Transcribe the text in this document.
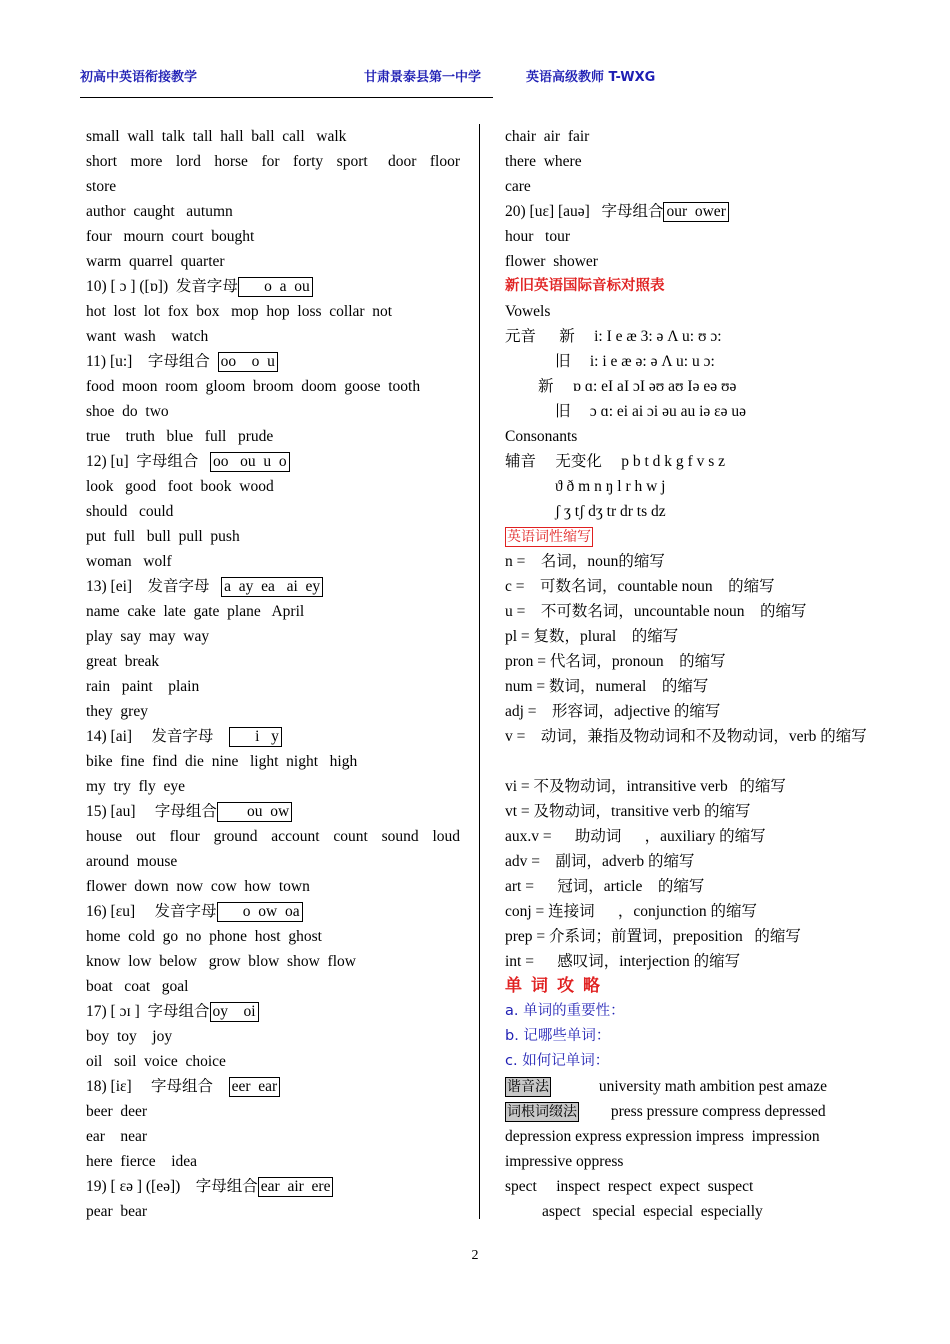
初高中英语衔接教学	甘肃景泰县第一中学	英语高级教师 T-WXG
small  wall  talk  tall  hall  ball  call   walk
short  more  lord  horse  for  forty  sport   door  floor
store
author  caught   autumn
four   mourn  court  bought
warm  quarrel  quarter
10) [ ɔ ] ([ɒ])  发音字母      o  a  ou
hot  lost  lot  fox  box   mop  hop  loss  collar  not
want  wash    watch
11) [u:]    字母组合  oo    o  u
food  moon  room  gloom  broom  doom  goose  tooth
shoe  do  two
true    truth   blue   full   prude
12) [u]  字母组合   oo   ou  u  o
look   good   foot  book  wood
should   could
put  full   bull  pull  push
woman   wolf
13) [ei]    发音字母   a  ay  ea   ai  ey
name  cake  late  gate  plane   April
play  say  may  way
great  break
rain   paint    plain
they  grey
14) [ai]     发音字母          i   y
bike  fine  find  die  nine   light  night   high
my  try  fly  eye
15) [au]     字母组合       ou  ow
house  out  flour  ground  account  count  sound  loud
around  mouse
flower  down  now  cow  how  town
16) [ɛu]     发音字母      o  ow  oa
home  cold  go  no  phone  host  ghost
know  low  below   grow  blow  show  flow
boat   coat   goal
17) [ ɔɪ ]  字母组合 oy    oi
boy  toy    joy
oil   soil  voice  choice
18) [iɛ]     字母组合    eer  ear
beer  deer
ear    near
here  fierce    idea
19) [ ɛə ] ([eə])    字母组合 ear  air  ere
pear  bear
chair  air  fair
there  where
care
20) [uɛ] [auə]   字母组合 our  ower
hour   tour
flower  shower
新旧英语国际音标对照表
Vowels
元音      新     i: I e æ 3: ə Λ u: ʊ ɔ:
旧     i: i e æ ə: ə Λ u: u ɔ:
新     ɒ ɑ: eI aI ɔI əʊ aʊ Iə eə ʊə
旧     ɔ ɑ: ei ai ɔi əu au iə ɛə uə
Consonants
辅音     无变化     p b t d k g f v s z
ϑ ð m n ŋ l r h w j
ʃ ʒ tʃ dʒ tr dr ts dz
英语词性缩写
n =    名词，noun的缩写
c =    可数名词，countable noun    的缩写
u =    不可数名词，uncountable noun    的缩写
pl = 复数，plural    的缩写
pron = 代名词，pronoun    的缩写
num = 数词，numeral    的缩写
adj =    形容词，adjective 的缩写
v =    动词，兼指及物动词和不及物动词，verb 的缩写
vi = 不及物动词，intransitive verb   的缩写
vt = 及物动词，transitive verb 的缩写
aux.v =      助动词      ，auxiliary 的缩写
adv =    副词，adverb 的缩写
art =      冠词，article    的缩写
conj = 连接词      ，conjunction 的缩写
prep = 介系词；前置词，preposition   的缩写
int =      感叹词，interjection 的缩写
单词攻略
a. 单词的重要性：
b. 记哪些单词：
c. 如何记单词：
谐音法	university math ambition pest amaze
词根词缀法 press pressure compress depressed
depression express expression impress  impression
impressive oppress
spect     inspect  respect  expect  suspect
aspect   special  especial  especially
2
